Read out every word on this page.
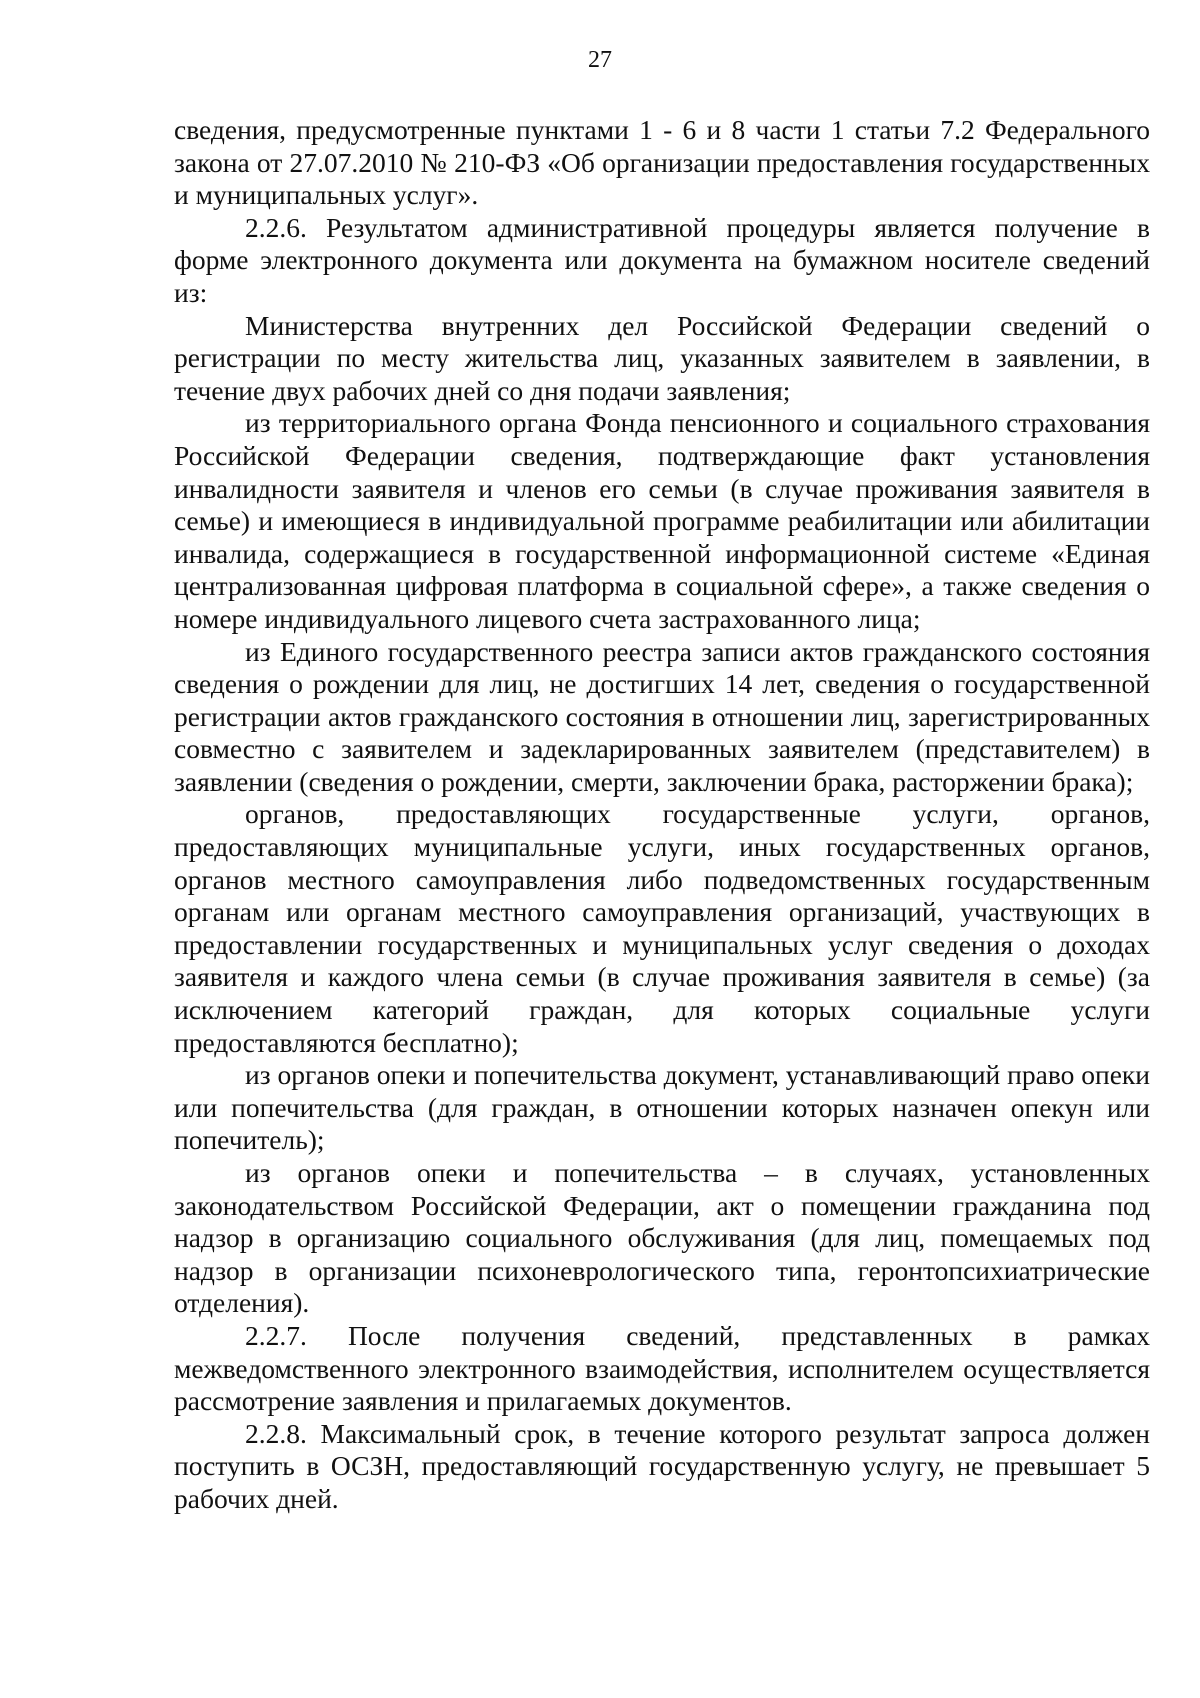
27

сведения, предусмотренные пунктами 1 - 6 и 8 части 1 статьи 7.2 Федерального закона от 27.07.2010 № 210-ФЗ «Об организации предоставления государственных и муниципальных услуг».

2.2.6. Результатом административной процедуры является получение в форме электронного документа или документа на бумажном носителе сведений из:

Министерства внутренних дел Российской Федерации сведений о регистрации по месту жительства лиц, указанных заявителем в заявлении, в течение двух рабочих дней со дня подачи заявления;

из территориального органа Фонда пенсионного и социального страхования Российской Федерации сведения, подтверждающие факт установления инвалидности заявителя и членов его семьи (в случае проживания заявителя в семье) и имеющиеся в индивидуальной программе реабилитации или абилитации инвалида, содержащиеся в государственной информационной системе «Единая централизованная цифровая платформа в социальной сфере», а также сведения о номере индивидуального лицевого счета застрахованного лица;

из Единого государственного реестра записи актов гражданского состояния сведения о рождении для лиц, не достигших 14 лет, сведения о государственной регистрации актов гражданского состояния в отношении лиц, зарегистрированных совместно с заявителем и задекларированных заявителем (представителем) в заявлении (сведения о рождении, смерти, заключении брака, расторжении брака);

органов, предоставляющих государственные услуги, органов, предоставляющих муниципальные услуги, иных государственных органов, органов местного самоуправления либо подведомственных государственным органам или органам местного самоуправления организаций, участвующих в предоставлении государственных и муниципальных услуг сведения о доходах заявителя и каждого члена семьи (в случае проживания заявителя в семье) (за исключением категорий граждан, для которых социальные услуги предоставляются бесплатно);

из органов опеки и попечительства документ, устанавливающий право опеки или попечительства (для граждан, в отношении которых назначен опекун или попечитель);

из органов опеки и попечительства – в случаях, установленных законодательством Российской Федерации, акт о помещении гражданина под надзор в организацию социального обслуживания (для лиц, помещаемых под надзор в организации психоневрологического типа, геронтопсихиатрические отделения).

2.2.7. После получения сведений, представленных в рамках межведомственного электронного взаимодействия, исполнителем осуществляется рассмотрение заявления и прилагаемых документов.

2.2.8. Максимальный срок, в течение которого результат запроса должен поступить в ОСЗН, предоставляющий государственную услугу, не превышает 5 рабочих дней.
